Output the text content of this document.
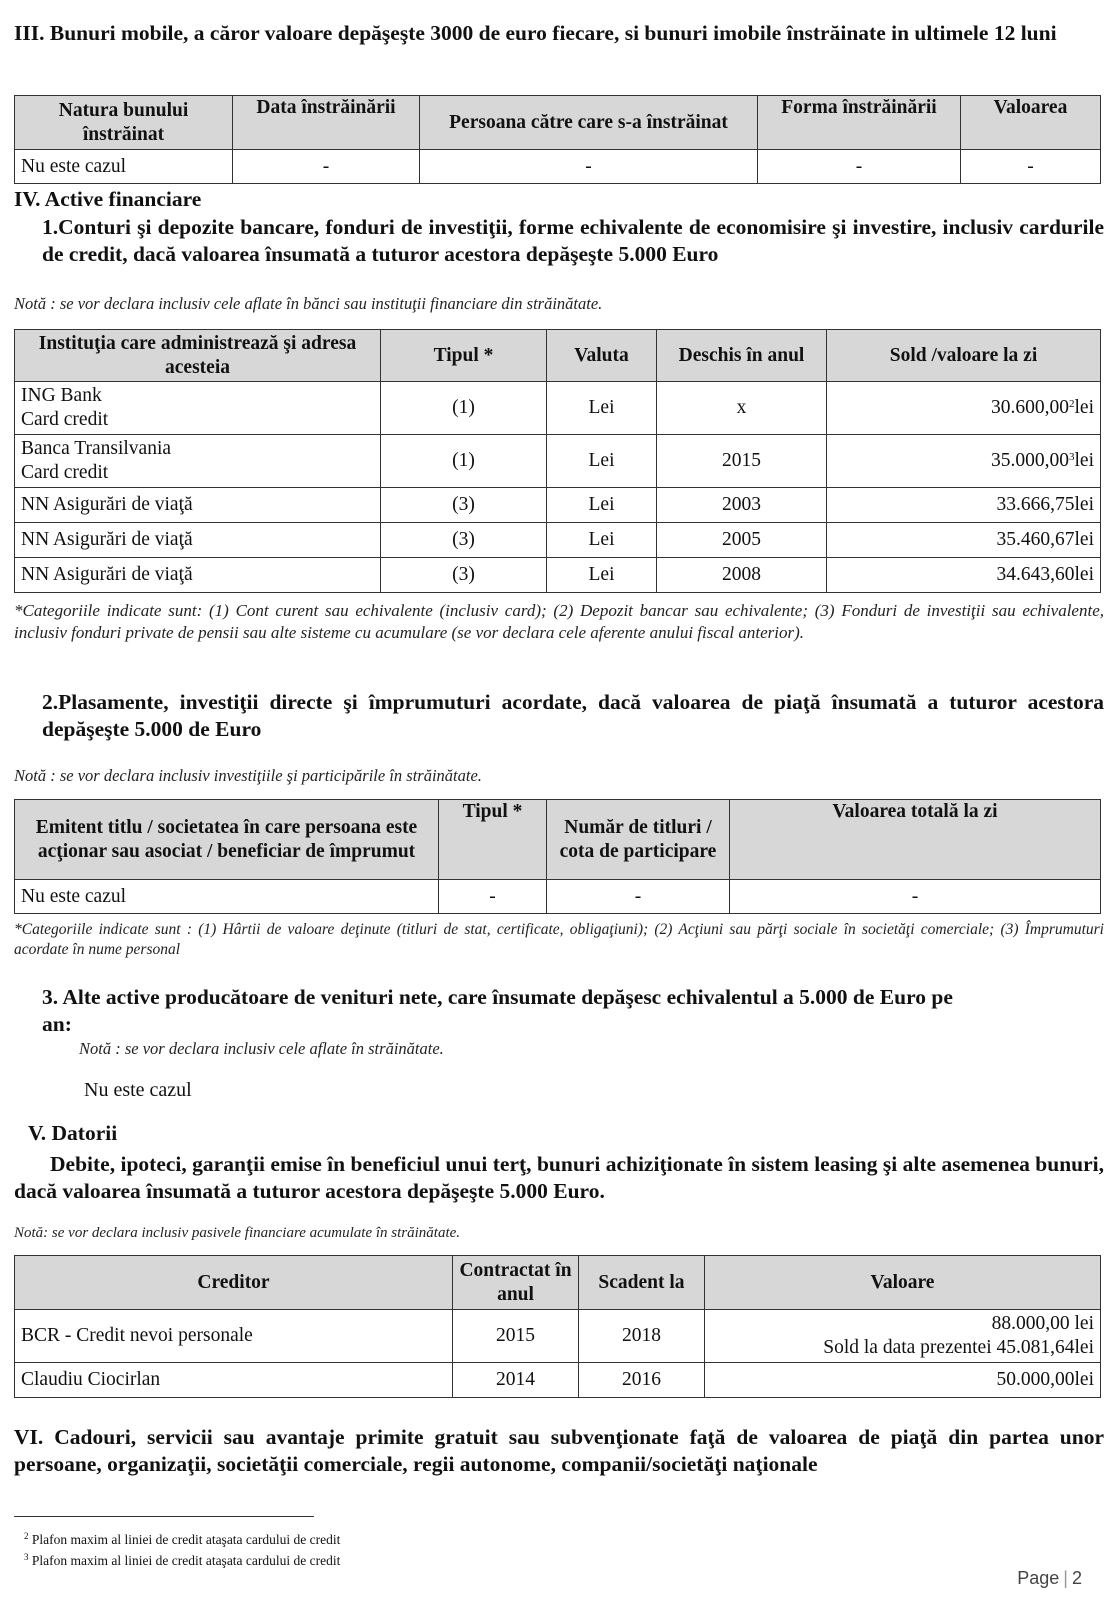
III. Bunuri mobile, a căror valoare depăşeşte 3000 de euro fiecare, si bunuri imobile înstrăinate in ultimele 12 luni
Natura bunului înstrăinat	Data înstrăinării	Persoana către care s-a înstrăinat	Forma înstrăinării	Valoarea
Nu este cazul	-	-	-	-
IV. Active financiare
1.Conturi şi depozite bancare, fonduri de investiţii, forme echivalente de economisire şi investire, inclusiv cardurile de credit, dacă valoarea însumată a tuturor acestora depăşeşte 5.000 Euro
Notă : se vor declara inclusiv cele aflate în bănci sau instituţii financiare din străinătate.
Instituţia care administrează şi adresa acesteia	Tipul *	Valuta	Deschis în anul	Sold /valoare la zi

ING Bank
Card credit	(1)	Lei	x	30.600,00$^2$lei

Banca Transilvania
Card credit	(1)	Lei	2015	35.000,00$^3$lei
NN Asigurări de viaţă	(3)	Lei	2003	33.666,75lei
NN Asigurări de viaţă	(3)	Lei	2005	35.460,67lei
NN Asigurări de viaţă	(3)	Lei	2008	34.643,60lei
*Categoriile indicate sunt: (1) Cont curent sau echivalente (inclusiv card); (2) Depozit bancar sau echivalente; (3) Fonduri de investiţii sau echivalente, inclusiv fonduri private de pensii sau alte sisteme cu acumulare (se vor declara cele aferente anului fiscal anterior).
2.Plasamente, investiţii directe şi împrumuturi acordate, dacă valoarea de piaţă însumată a tuturor acestora depăşeşte 5.000 de Euro
Notă : se vor declara inclusiv investiţiile şi participările în străinătate.
Emitent titlu / societatea în care persoana este acţionar sau asociat / beneficiar de împrumut	Tipul *	Număr de titluri / cota de participare	Valoarea totală la zi
Nu este cazul	-	-	-
*Categoriile indicate sunt : (1) Hârtii de valoare deţinute (titluri de stat, certificate, obligaţiuni); (2) Acţiuni sau părţi sociale în societăţi comerciale; (3) Împrumuturi acordate în nume personal
3. Alte active producătoare de venituri nete, care însumate depăşesc echivalentul a 5.000 de Euro pe
an:
Notă : se vor declara inclusiv cele aflate în străinătate.
Nu este cazul
V. Datorii
Debite, ipoteci, garanţii emise în beneficiul unui terţ, bunuri achiziţionate în sistem leasing şi alte asemenea bunuri, dacă valoarea însumată a tuturor acestora depăşeşte 5.000 Euro.
Notă: se vor declara inclusiv pasivele financiare acumulate în străinătate.
Creditor	Contractat în anul	Scadent la	Valoare
BCR - Credit nevoi personale	2015	2018	88.000,00 lei
Sold la data prezentei 45.081,64lei

Claudiu Ciocirlan	2014	2016	50.000,00lei
VI. Cadouri, servicii sau avantaje primite gratuit sau subvenţionate faţă de valoarea de piaţă din partea unor persoane, organizaţii, societăţii comerciale, regii autonome, companii/societăţi naţionale
$^2$ Plafon maxim al liniei de credit ataşata cardului de credit
$^3$ Plafon maxim al liniei de credit ataşata cardului de credit
Page | 2
